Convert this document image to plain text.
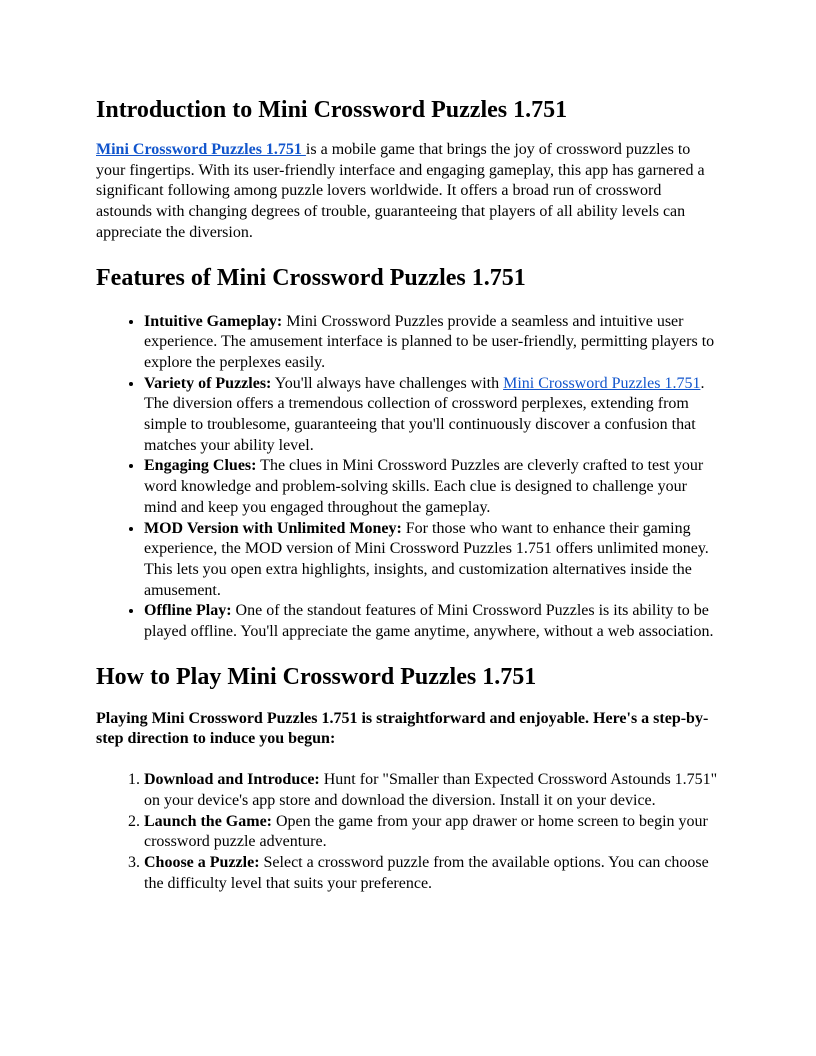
Introduction to Mini Crossword Puzzles 1.751

Mini Crossword Puzzles 1.751 is a mobile game that brings the joy of crossword puzzles to your fingertips. With its user-friendly interface and engaging gameplay, this app has garnered a significant following among puzzle lovers worldwide. It offers a broad run of crossword astounds with changing degrees of trouble, guaranteeing that players of all ability levels can appreciate the diversion.

Features of Mini Crossword Puzzles 1.751
• Intuitive Gameplay: Mini Crossword Puzzles provide a seamless and intuitive user experience. The amusement interface is planned to be user-friendly, permitting players to explore the perplexes easily.
• Variety of Puzzles: You'll always have challenges with Mini Crossword Puzzles 1.751. The diversion offers a tremendous collection of crossword perplexes, extending from simple to troublesome, guaranteeing that you'll continuously discover a confusion that matches your ability level.
• Engaging Clues: The clues in Mini Crossword Puzzles are cleverly crafted to test your word knowledge and problem-solving skills. Each clue is designed to challenge your mind and keep you engaged throughout the gameplay.
• MOD Version with Unlimited Money: For those who want to enhance their gaming experience, the MOD version of Mini Crossword Puzzles 1.751 offers unlimited money. This lets you open extra highlights, insights, and customization alternatives inside the amusement.
• Offline Play: One of the standout features of Mini Crossword Puzzles is its ability to be played offline. You'll appreciate the game anytime, anywhere, without a web association.
How to Play Mini Crossword Puzzles 1.751

Playing Mini Crossword Puzzles 1.751 is straightforward and enjoyable. Here's a step-by-step direction to induce you begun:

1. Download and Introduce: Hunt for "Smaller than Expected Crossword Astounds 1.751" on your device's app store and download the diversion. Install it on your device.
2. Launch the Game: Open the game from your app drawer or home screen to begin your crossword puzzle adventure.
3. Choose a Puzzle: Select a crossword puzzle from the available options. You can choose the difficulty level that suits your preference.
